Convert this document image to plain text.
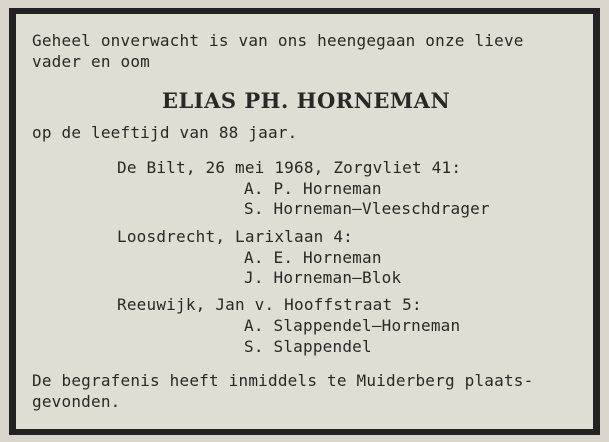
Geheel onverwacht is van ons heengegaan onze lieve
vader en oom
ELIAS PH. HORNEMAN
op de leeftijd van 88 jaar.
De Bilt, 26 mei 1968, Zorgvliet 41:
A. P. Horneman
S. Horneman—Vleeschdrager
Loosdrecht, Larixlaan 4:
A. E. Horneman
J. Horneman—Blok
Reeuwijk, Jan v. Hooffstraat 5:
A. Slappendel—Horneman
S. Slappendel
De begrafenis heeft inmiddels te Muiderberg plaats-
gevonden.
